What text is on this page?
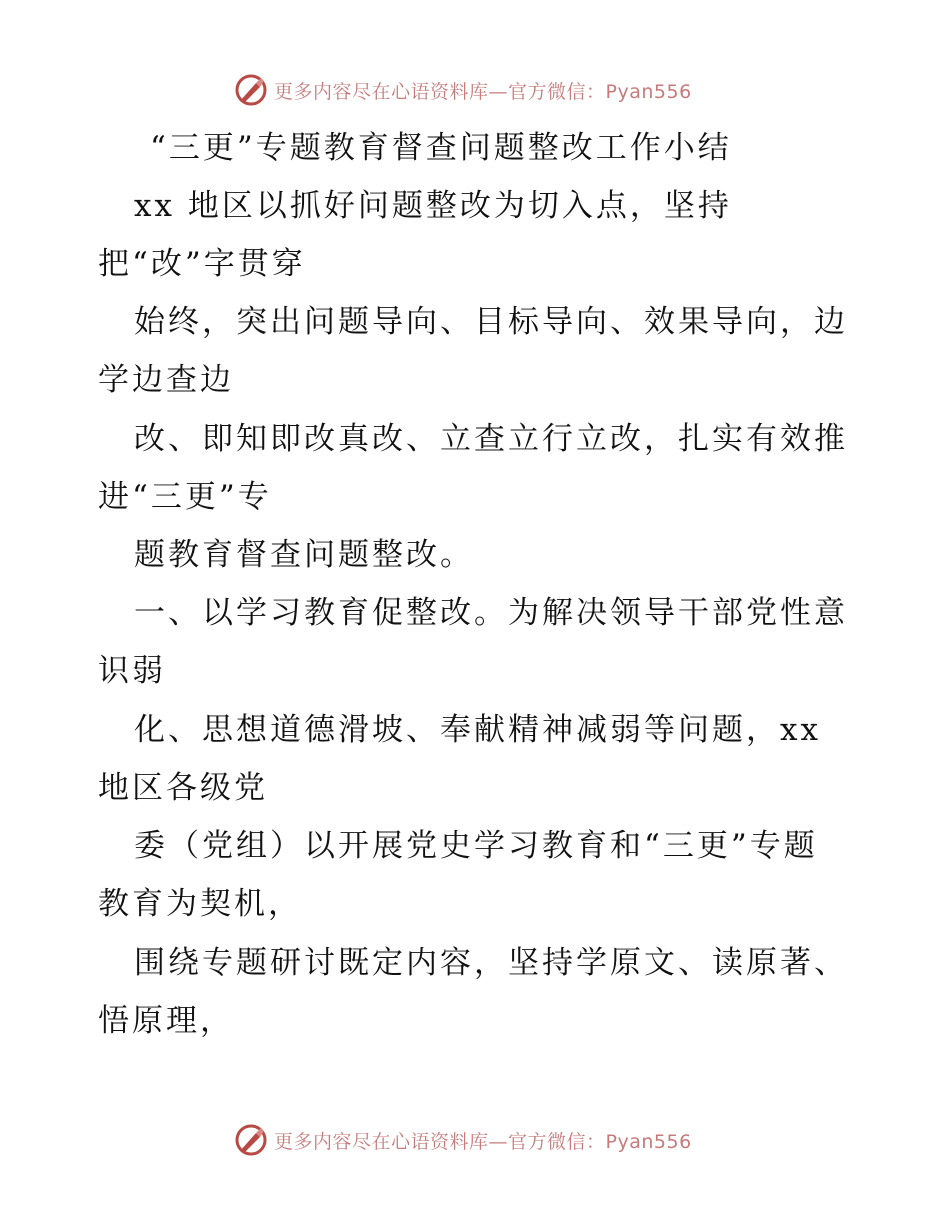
更多内容尽在心语资料库—官方微信：Pyan556
“三更”专题教育督查问题整改工作小结
xx 地区以抓好问题整改为切入点，坚持
把“改”字贯穿
始终，突出问题导向、目标导向、效果导向，边
学边查边
改、即知即改真改、立查立行立改，扎实有效推
进“三更”专
题教育督查问题整改。
一、以学习教育促整改。为解决领导干部党性意
识弱
化、思想道德滑坡、奉献精神减弱等问题，xx
地区各级党
委（党组）以开展党史学习教育和“三更”专题
教育为契机，
围绕专题研讨既定内容，坚持学原文、读原著、
悟原理，
更多内容尽在心语资料库—官方微信：Pyan556
